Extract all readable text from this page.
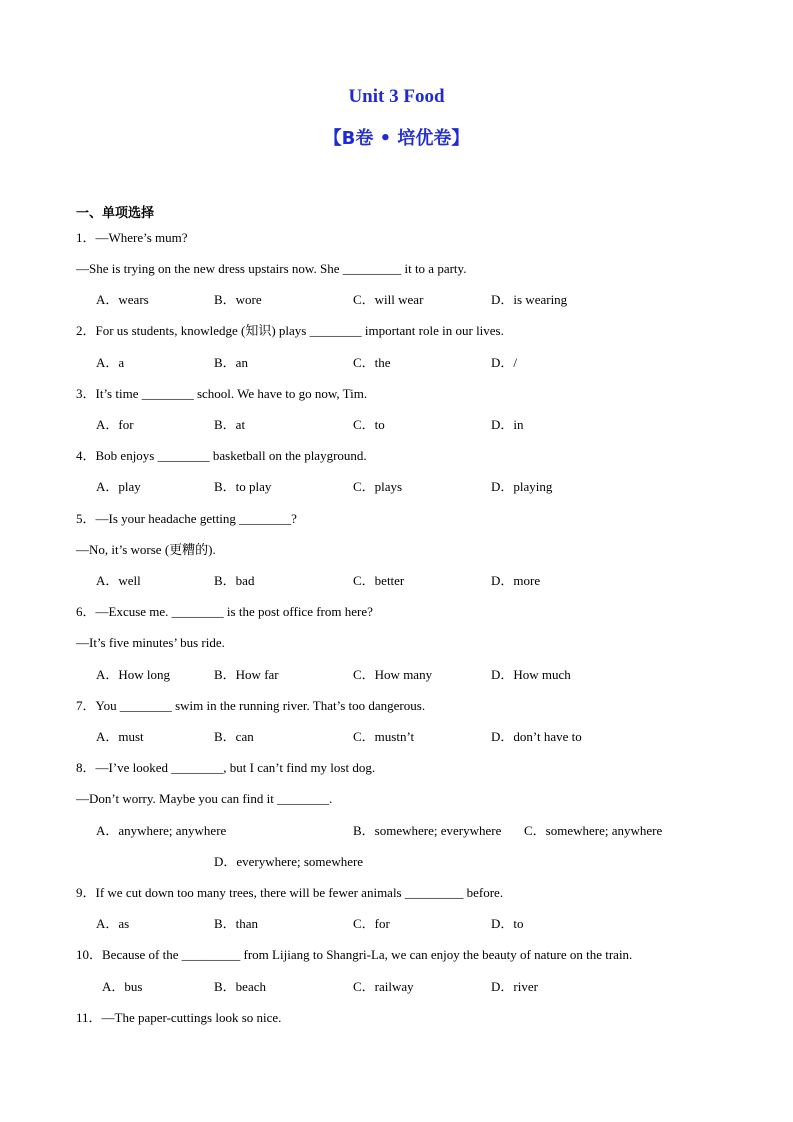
Unit 3 Food
【B卷 • 培优卷】
一、单项选择
1．—Where’s mum?
—She is trying on the new dress upstairs now. She _________ it to a party.
A．wears	B．wore	C．will wear	D．is wearing
2．For us students, knowledge (知识) plays ________ important role in our lives.
A．a	B．an	C．the	D．/
3．It’s time ________ school. We have to go now, Tim.
A．for	B．at	C．to	D．in
4．Bob enjoys ________ basketball on the playground.
A．play	B．to play	C．plays	D．playing
5．—Is your headache getting ________?
—No, it’s worse (更糟的).
A．well	B．bad	C．better	D．more
6．—Excuse me. ________ is the post office from here?
—It’s five minutes’ bus ride.
A．How long	B．How far	C．How many	D．How much
7．You ________ swim in the running river. That’s too dangerous.
A．must	B．can	C．mustn’t	D．don’t have to
8．—I’ve looked ________, but I can’t find my lost dog.
—Don’t worry. Maybe you can find it ________.
A．anywhere; anywhere	B．somewhere; everywhere C．somewhere; anywhere
D．everywhere; somewhere
9．If we cut down too many trees, there will be fewer animals _________ before.
A．as	B．than	C．for	D．to
10．Because of the _________ from Lijiang to Shangri-La, we can enjoy the beauty of nature on the train.
A．bus	B．beach	C．railway	D．river
11．—The paper-cuttings look so nice.
